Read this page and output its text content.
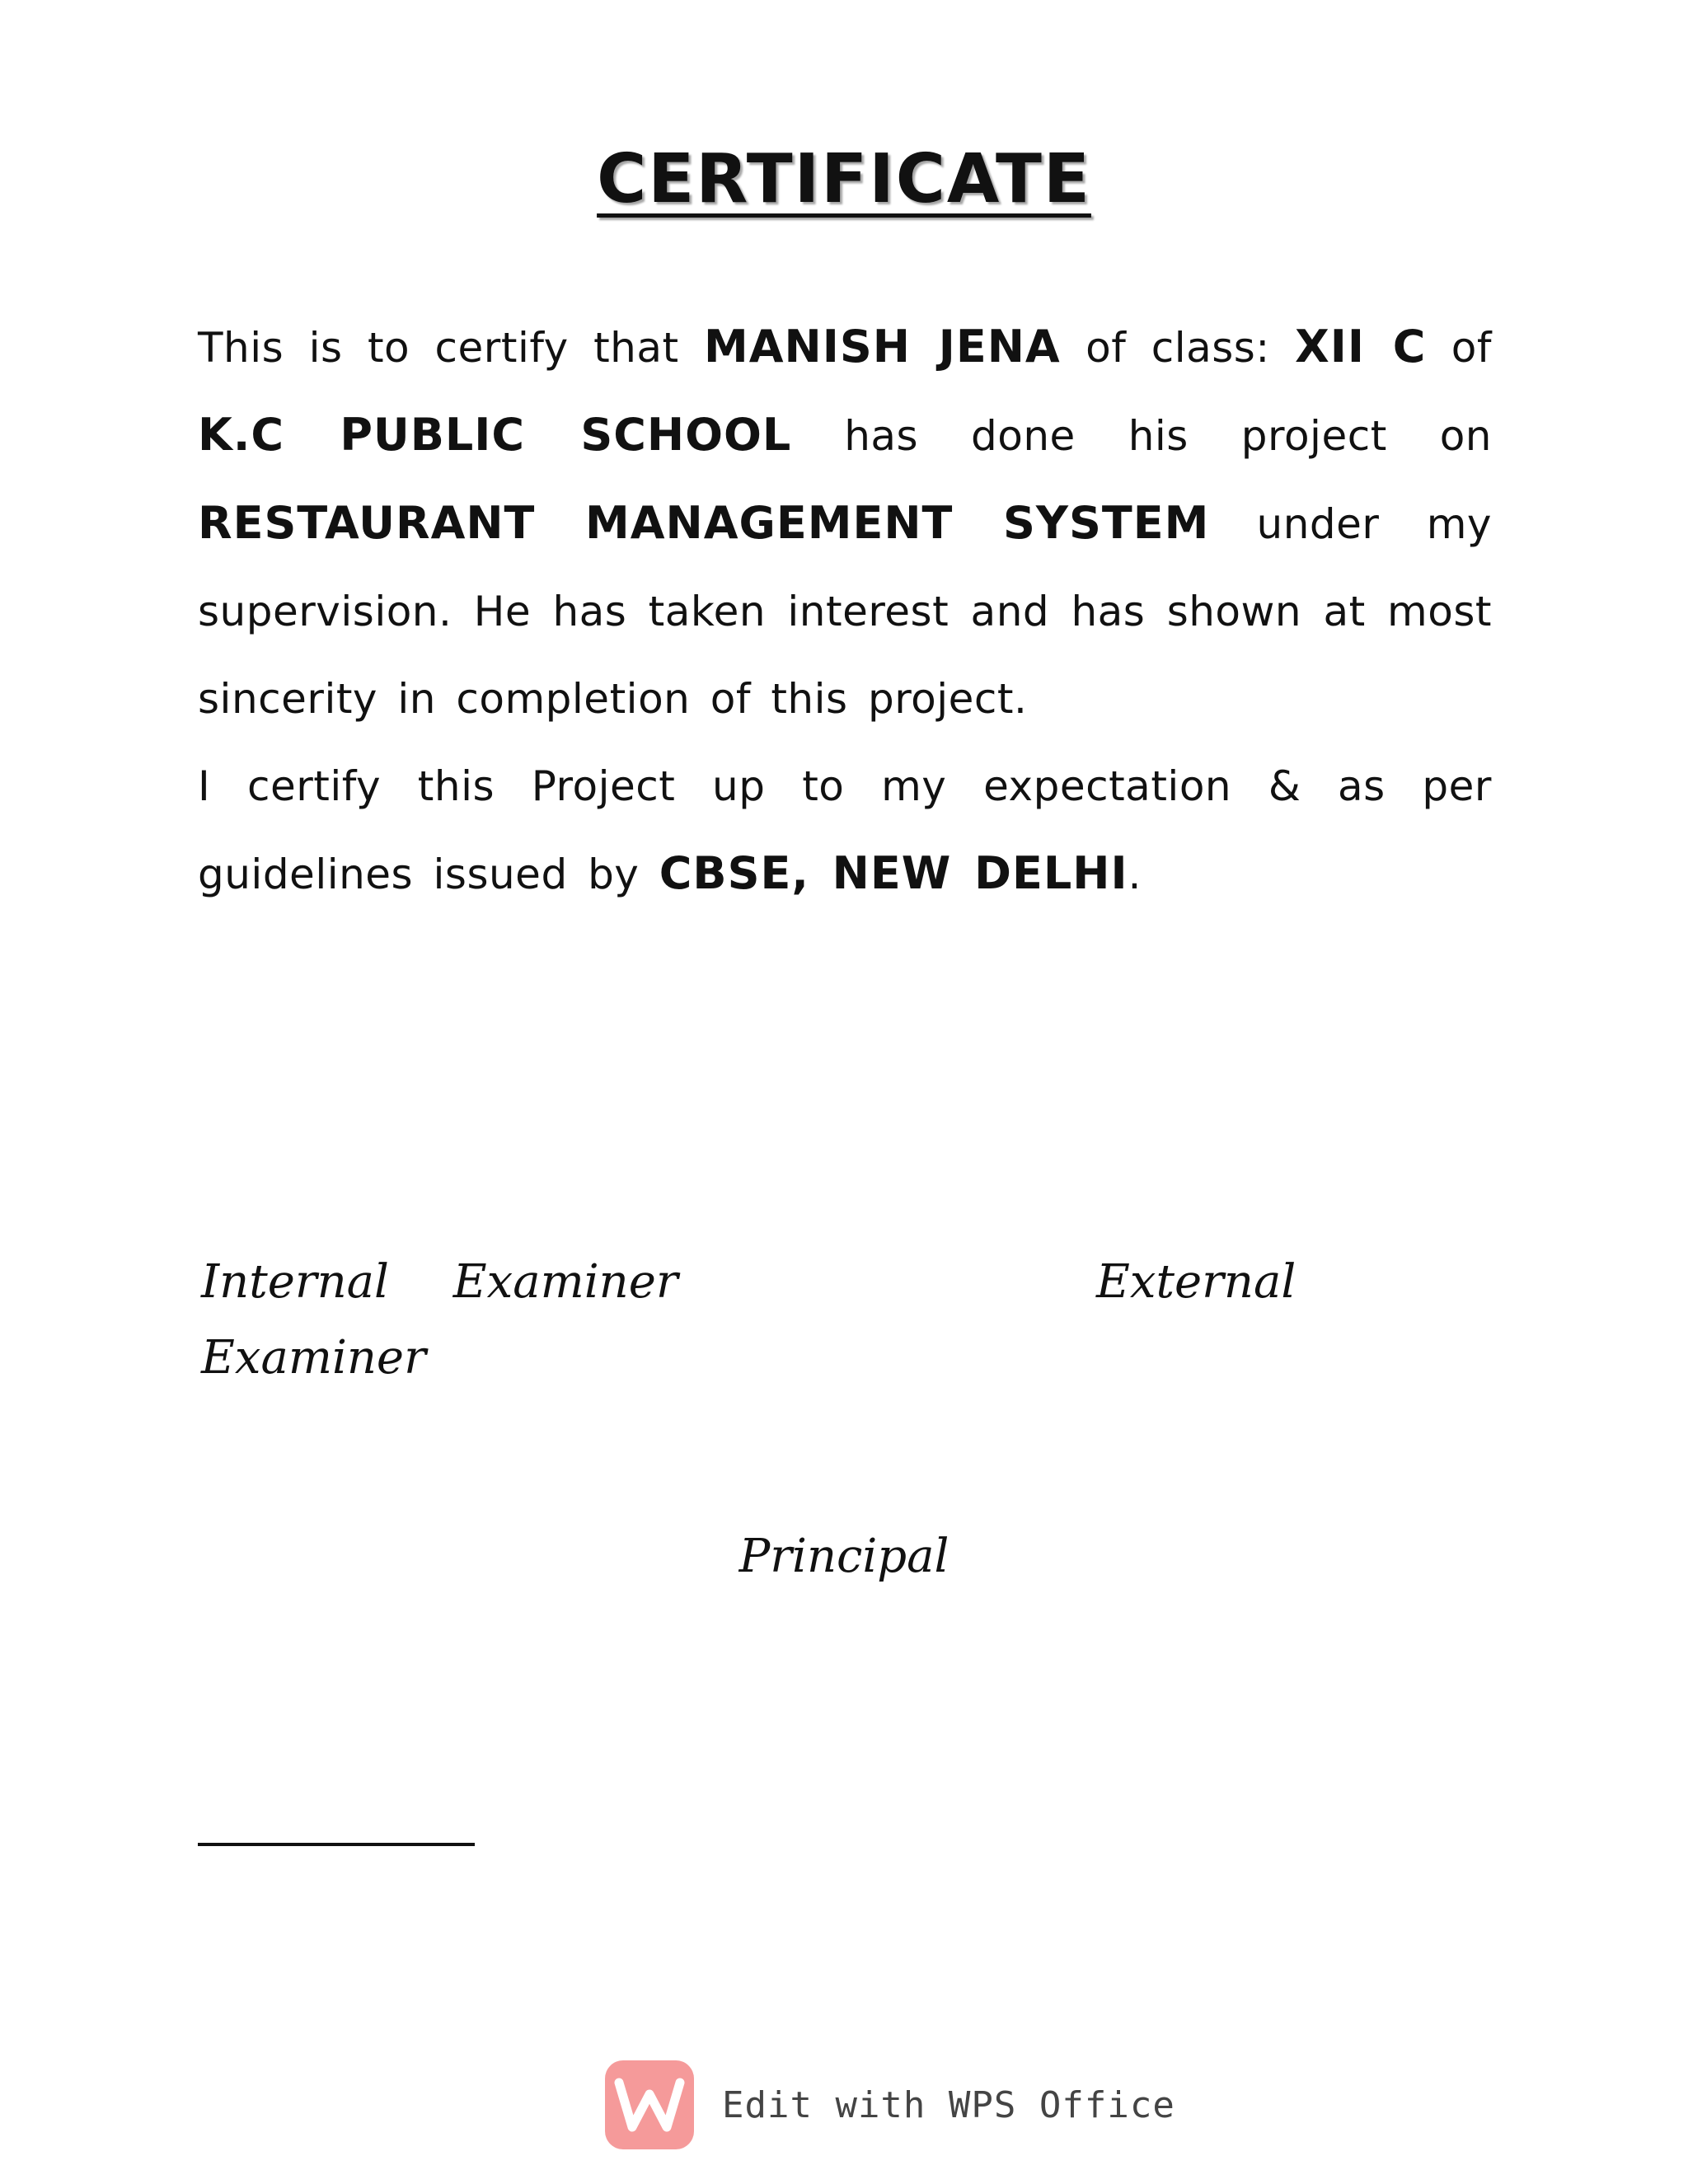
CERTIFICATE

This is to certify that MANISH JENA of class: XII C of K.C PUBLIC SCHOOL has done his project on RESTAURANT MANAGEMENT SYSTEM under my supervision. He has taken interest and has shown at most sincerity in completion of this project.

I certify this Project up to my expectation & as per guidelines issued by CBSE, NEW DELHI.

Internal Examiner
Examiner
External
Principal
Edit with WPS Office
